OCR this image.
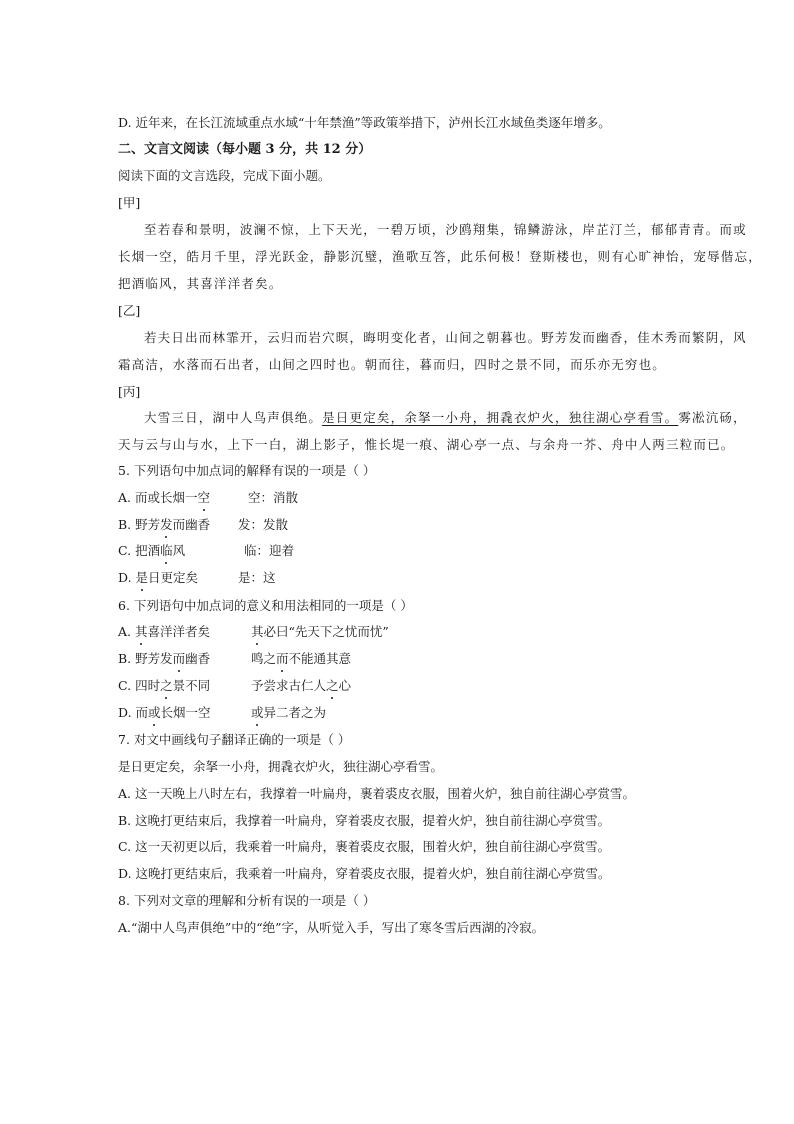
D. 近年来，在长江流域重点水域“十年禁渔”等政策举措下，泸州长江水域鱼类逐年增多。
二、文言文阅读（每小题 3 分，共 12 分）
阅读下面的文言选段，完成下面小题。
[甲]
至若春和景明，波澜不惊，上下天光，一碧万顷，沙鸥翔集，锦鳞游泳，岸芷汀兰，郁郁青青。而或
长烟一空，皓月千里，浮光跃金，静影沉璧，渔歌互答，此乐何极！登斯楼也，则有心旷神怡，宠辱偕忘，
把酒临风，其喜洋洋者矣。
[乙]
若夫日出而林霏开，云归而岩穴暝，晦明变化者，山间之朝暮也。野芳发而幽香，佳木秀而繁阴，风
霜高洁，水落而石出者，山间之四时也。朝而往，暮而归，四时之景不同，而乐亦无穷也。
[丙]
大雪三日，湖中人鸟声俱绝。是日更定矣，余拏一小舟，拥毳衣炉火，独往湖心亭看雪。雾凇沆砀，
天与云与山与水，上下一白，湖上影子，惟长堤一痕、湖心亭一点、与余舟一芥、舟中人两三粒而已。
5. 下列语句中加点词的解释有误的一项是（ ）
A. 而或长烟一空	空：消散
B. 野芳发而幽香 发：发散
C. 把酒临风	临：迎着
D. 是日更定矣	是：这
6. 下列语句中加点词的意义和用法相同的一项是（ ）
A. 其喜洋洋者矣	其必曰“先天下之忧而忧”
B. 野芳发而幽香	鸣之而不能通其意
C. 四时之景不同	予尝求古仁人之心
D. 而或长烟一空	或异二者之为
7. 对文中画线句子翻译正确的一项是（ ）
是日更定矣，余拏一小舟，拥毳衣炉火，独往湖心亭看雪。
A. 这一天晚上八时左右，我撑着一叶扁舟，裹着裘皮衣服，围着火炉，独自前往湖心亭赏雪。
B. 这晚打更结束后，我撑着一叶扁舟，穿着裘皮衣服，提着火炉，独自前往湖心亭赏雪。
C. 这一天初更以后，我乘着一叶扁舟，裹着裘皮衣服，围着火炉，独自前往湖心亭赏雪。
D. 这晚打更结束后，我乘着一叶扁舟，穿着裘皮衣服，提着火炉，独自前往湖心亭赏雪。
8. 下列对文章的理解和分析有误的一项是（ ）
A.“湖中人鸟声俱绝”中的“绝”字，从听觉入手，写出了寒冬雪后西湖的冷寂。
